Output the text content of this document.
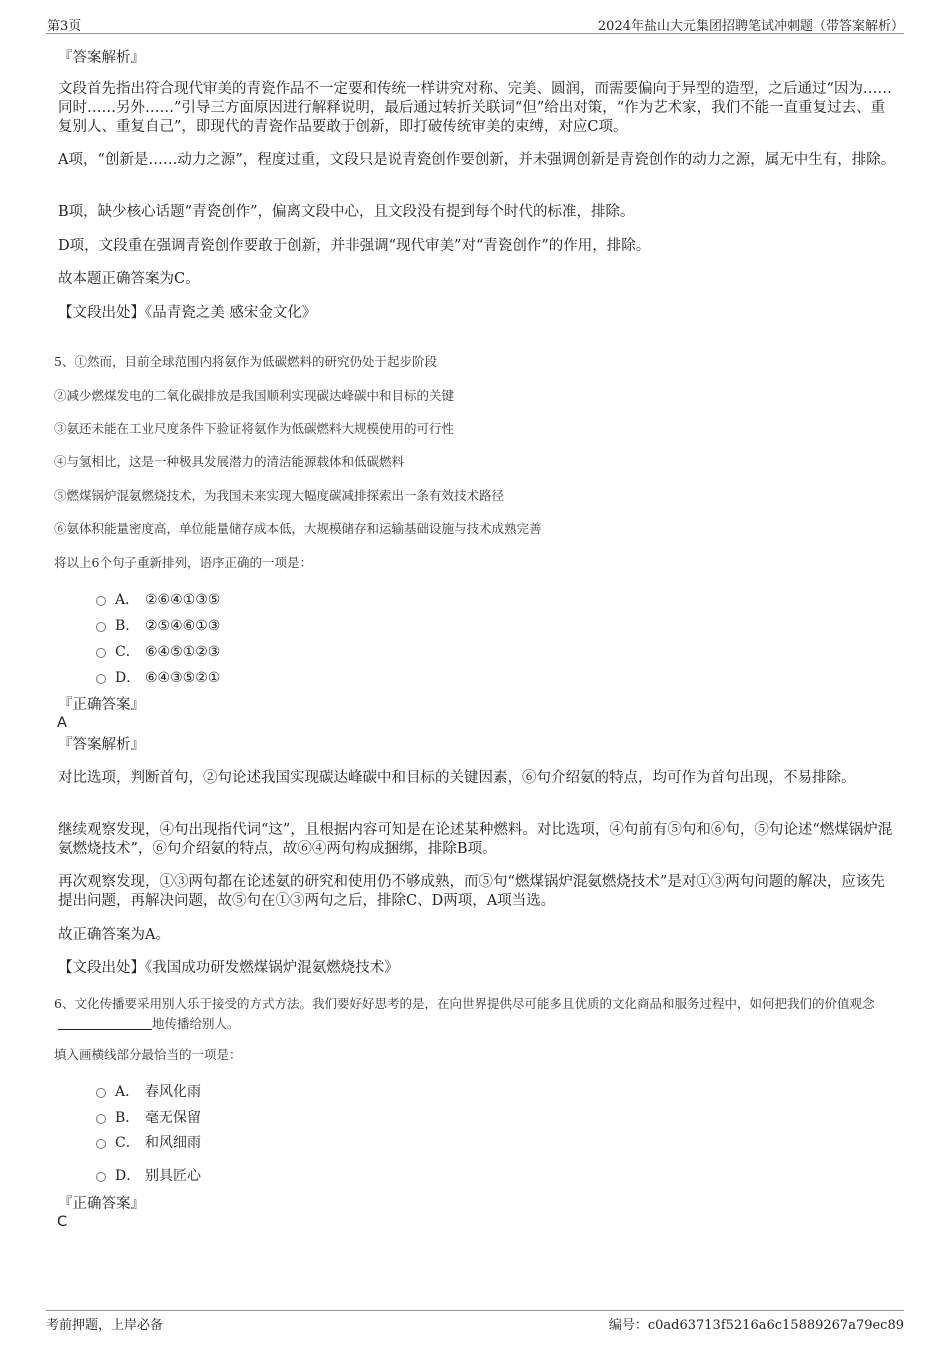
第3页	2024年盐山大元集团招聘笔试冲刺题（带答案解析）
『答案解析』
文段首先指出符合现代审美的青瓷作品不一定要和传统一样讲究对称、完美、圆润，而需要偏向于异型的造型，之后通过“因为……同时……另外……”引导三方面原因进行解释说明，最后通过转折关联词“但”给出对策，“作为艺术家，我们不能一直重复过去、重复别人、重复自己”，即现代的青瓷作品要敢于创新，即打破传统审美的束缚，对应C项。
A项，“创新是……动力之源”，程度过重，文段只是说青瓷创作要创新，并未强调创新是青瓷创作的动力之源，属无中生有，排除。
B项，缺少核心话题“青瓷创作”，偏离文段中心，且文段没有提到每个时代的标准，排除。
D项，文段重在强调青瓷创作要敢于创新，并非强调“现代审美”对“青瓷创作”的作用，排除。
故本题正确答案为C。
【文段出处】《品青瓷之美 感宋金文化》
5、①然而，目前全球范围内将氨作为低碳燃料的研究仍处于起步阶段
②减少燃煤发电的二氧化碳排放是我国顺利实现碳达峰碳中和目标的关键
③氨还未能在工业尺度条件下验证将氨作为低碳燃料大规模使用的可行性
④与氢相比，这是一种极具发展潜力的清洁能源载体和低碳燃料
⑤燃煤锅炉混氨燃烧技术，为我国未来实现大幅度碳减排探索出一条有效技术路径
⑥氨体积能量密度高，单位能量储存成本低，大规模储存和运输基础设施与技术成熟完善
将以上6个句子重新排列，语序正确的一项是：
A． ②⑥④①③⑤
B． ②⑤④⑥①③
C． ⑥④⑤①②③
D． ⑥④③⑤②①
『正确答案』
A
『答案解析』
对比选项，判断首句，②句论述我国实现碳达峰碳中和目标的关键因素，⑥句介绍氨的特点，均可作为首句出现，不易排除。
继续观察发现，④句出现指代词“这”，且根据内容可知是在论述某种燃料。对比选项，④句前有⑤句和⑥句，⑤句论述“燃煤锅炉混氨燃烧技术”，⑥句介绍氨的特点，故⑥④两句构成捆绑，排除B项。
再次观察发现，①③两句都在论述氨的研究和使用仍不够成熟，而⑤句“燃煤锅炉混氨燃烧技术”是对①③两句问题的解决，应该先提出问题，再解决问题，故⑤句在①③两句之后，排除C、D两项，A项当选。
故正确答案为A。
【文段出处】《我国成功研发燃煤锅炉混氨燃烧技术》
6、文化传播要采用别人乐于接受的方式方法。我们要好好思考的是，在向世界提供尽可能多且优质的文化商品和服务过程中，如何把我们的价值观念地传播给别人。
填入画横线部分最恰当的一项是：
A． 春风化雨
B． 毫无保留
C． 和风细雨
D． 别具匠心
『正确答案』
C
考前押题，上岸必备	编号：c0ad63713f5216a6c15889267a79ec89
